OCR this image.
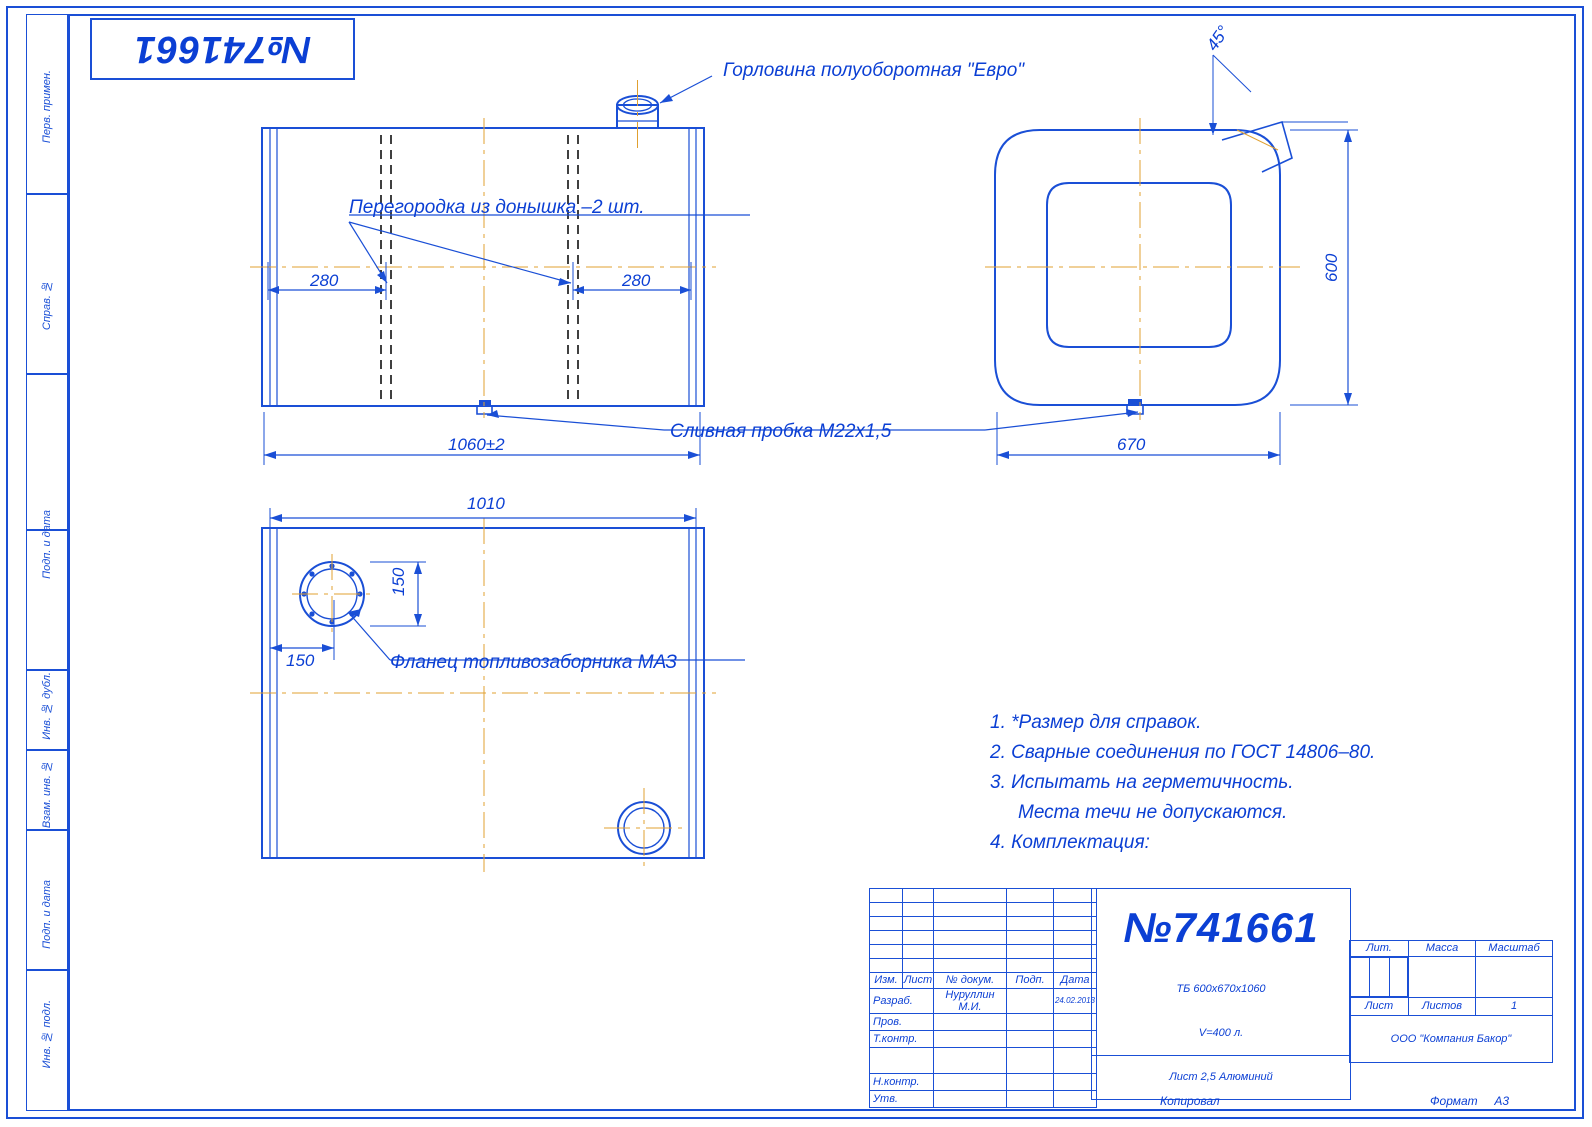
Перв. примен.
Справ. №
Подп. и дата
Инв. № дубл.
Взам. инв. №
Подп. и дата
Инв. № подл.
№741661
280	280
1060±2
1010
670
600
150
150
45°
Горловина полуоборотная "Евро"
Перегородка из донышка –2 шт.
Сливная пробка М22х1,5
Фланец топливозаборника МАЗ
1. *Размер для справок.
2. Сварные соединения по ГОСТ 14806–80.
3. Испытать на герметичность.
Места течи не допускаются.
4. Комплектация:

Изм.	Лист	№ докум.	Подп.	Дата
Разраб.		Нуруллин М.И.		24.02.2013
Пров.				
Т.контр.				

Н.контр.				
Утв.				
№741661
ТБ 600х670х1060
V=400 л.
Лист 2,5 Алюминий
Лит.	Масса	Масштаб

Лист	Листов	1
ООО "Компания Бакор"
Копировал	Формат А3
